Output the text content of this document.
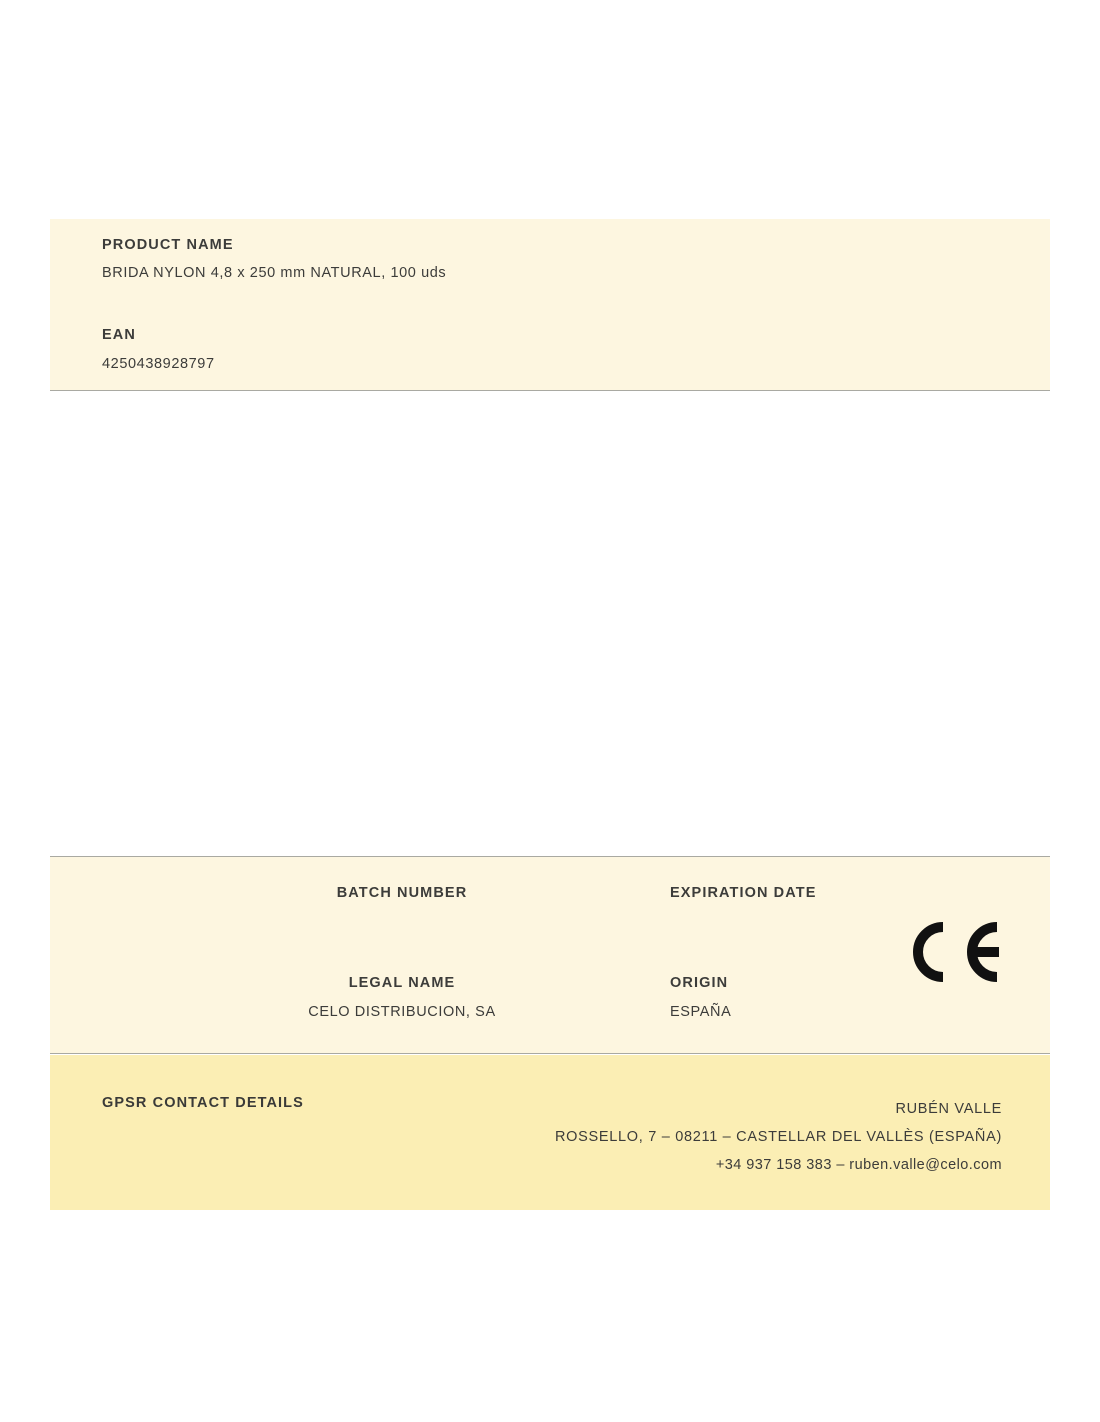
PRODUCT NAME
BRIDA NYLON 4,8 x 250 mm NATURAL, 100 uds
EAN
4250438928797
BATCH NUMBER	EXPIRATION DATE
LEGAL NAME
CELO DISTRIBUCION, SA
ORIGIN
ESPAÑA
GPSR CONTACT DETAILS	RUBÉN VALLE
ROSSELLO, 7 – 08211 – CASTELLAR DEL VALLÈS (ESPAÑA)
+34 937 158 383 – ruben.valle@celo.com
